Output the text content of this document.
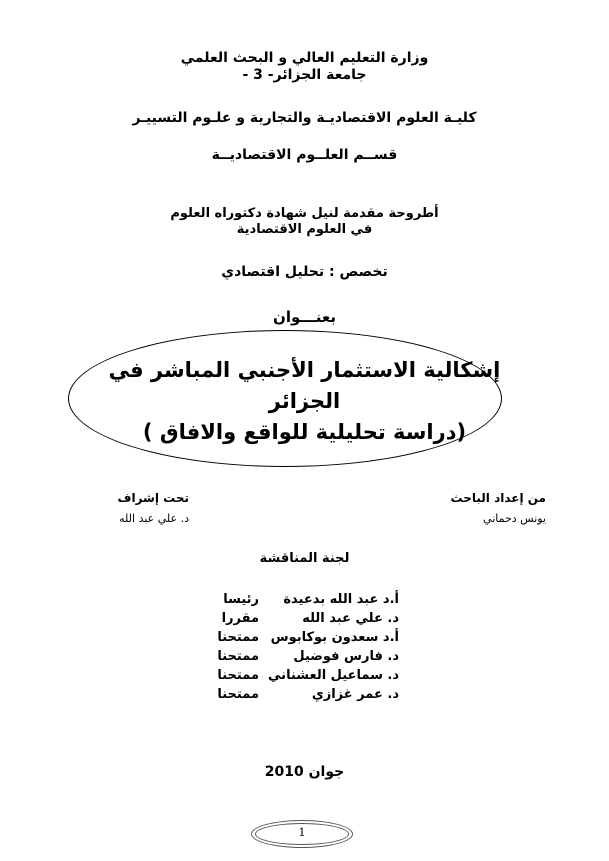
وزارة التعليم العالي و البحث العلمي
جامعة الجزائر- 3 -
كليـة العلوم الاقتصاديـة والتجارية و علـوم التسييـر
قســم العلــوم الاقتصاديــة
أطروحة مقدمة لنيل شهادة دكتوراه العلوم
في العلوم الاقتصادية
تخصص : تحليل اقتصادي
بعنـــوان
إشكالية الاستثمار الأجنبي المباشر في
الجزائر
(دراسة تحليلية للواقع والافاق )
من إعداد الباحث
يونس دحماني
تحت إشراف
د. علي عبد الله
لجنة المناقشة
أ.د عبد الله بدعيدة
رئيسا
د. علي عبد الله
مقررا
أ.د سعدون بوكابوس
ممتحنا
د. فارس فوضيل
ممتحنا
د. سماعيل العشناني
ممتحنا
د. عمر غزازي
ممتحنا
جوان 2010
1
